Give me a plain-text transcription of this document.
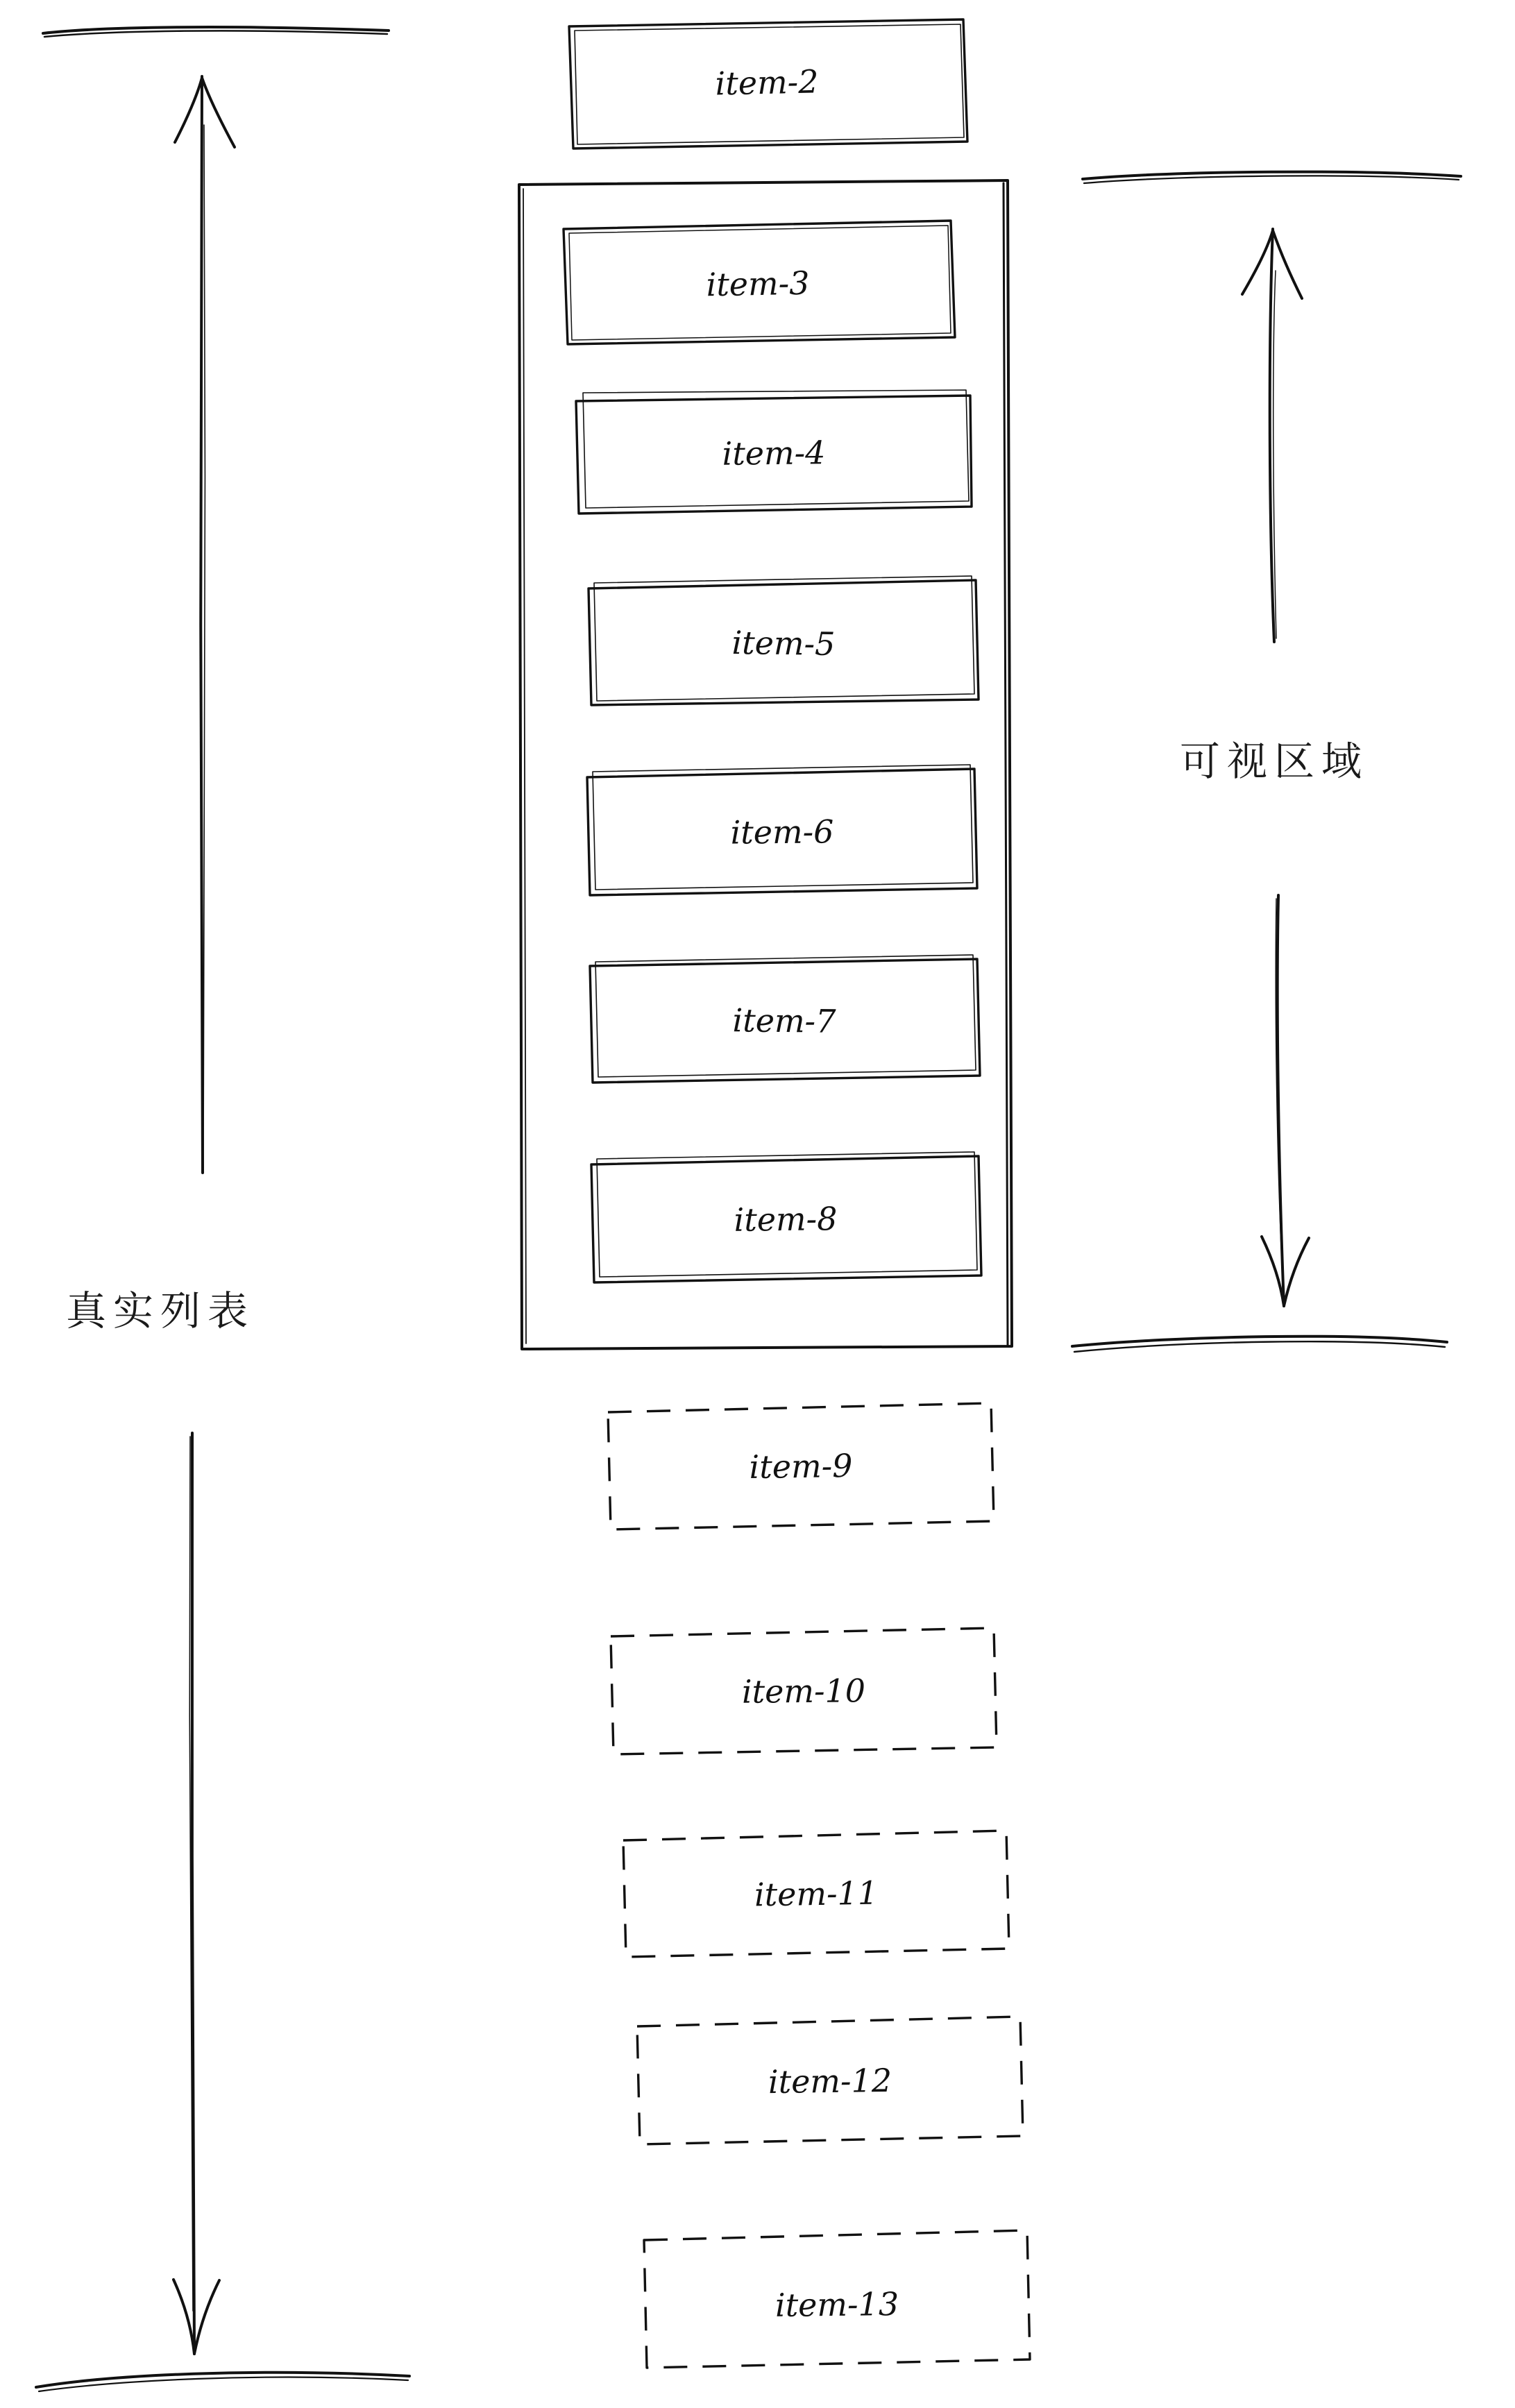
item-2
item-3
item-4
item-5
item-6
item-7
item-8
item-9
item-10
item-11
item-12
item-13
真实列表
可视区域
